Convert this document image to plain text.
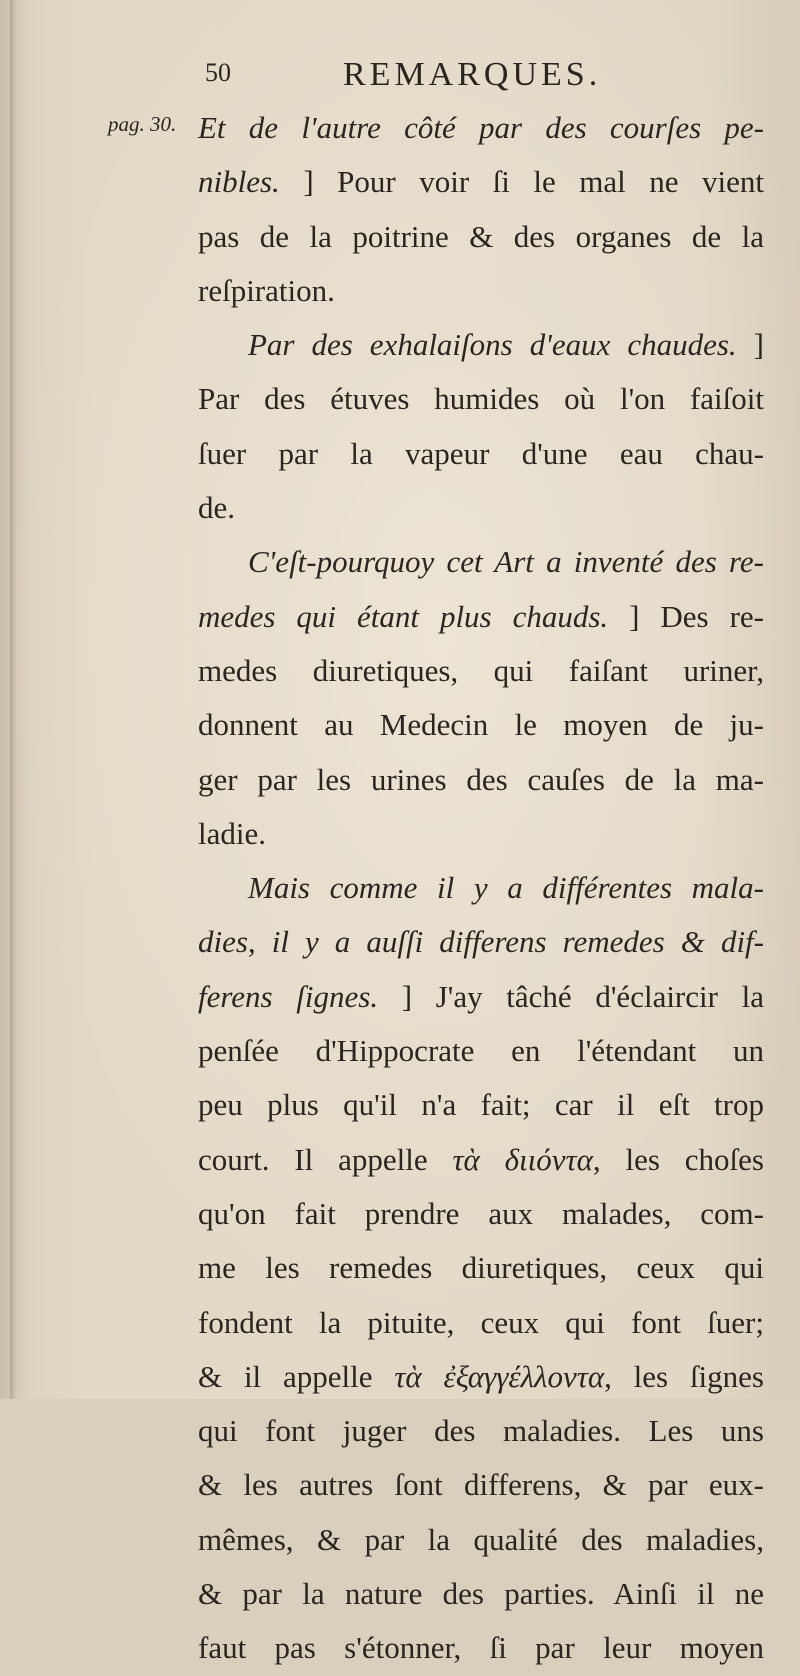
50	REMARQUES.
pag. 30. Et de l'autre côté par des courſes pe-
nibles. ] Pour voir ſi le mal ne vient
pas de la poitrine & des organes de la
reſpiration.
Par des exhalaiſons d'eaux chaudes. ]
Par des étuves humides où l'on faiſoit
ſuer par la vapeur d'une eau chau-
de.
C'eſt-pourquoy cet Art a inventé des re-
medes qui étant plus chauds. ] Des re-
medes diuretiques, qui faiſant uriner,
donnent au Medecin le moyen de ju-
ger par les urines des cauſes de la ma-
ladie.
Mais comme il y a différentes mala-
dies, il y a auſſi differens remedes & dif-
ferens ſignes. ] J'ay tâché d'éclaircir la
penſée d'Hippocrate en l'étendant un
peu plus qu'il n'a fait; car il eſt trop
court. Il appelle τὰ διιόντα, les choſes
qu'on fait prendre aux malades, com-
me les remedes diuretiques, ceux qui
fondent la pituite, ceux qui font ſuer;
& il appelle τὰ ἐξαγγέλλοντα, les ſignes
qui font juger des maladies. Les uns
& les autres ſont differens, & par eux-
mêmes, & par la qualité des maladies,
& par la nature des parties. Ainſi il ne
faut pas s'étonner, ſi par leur moyen
